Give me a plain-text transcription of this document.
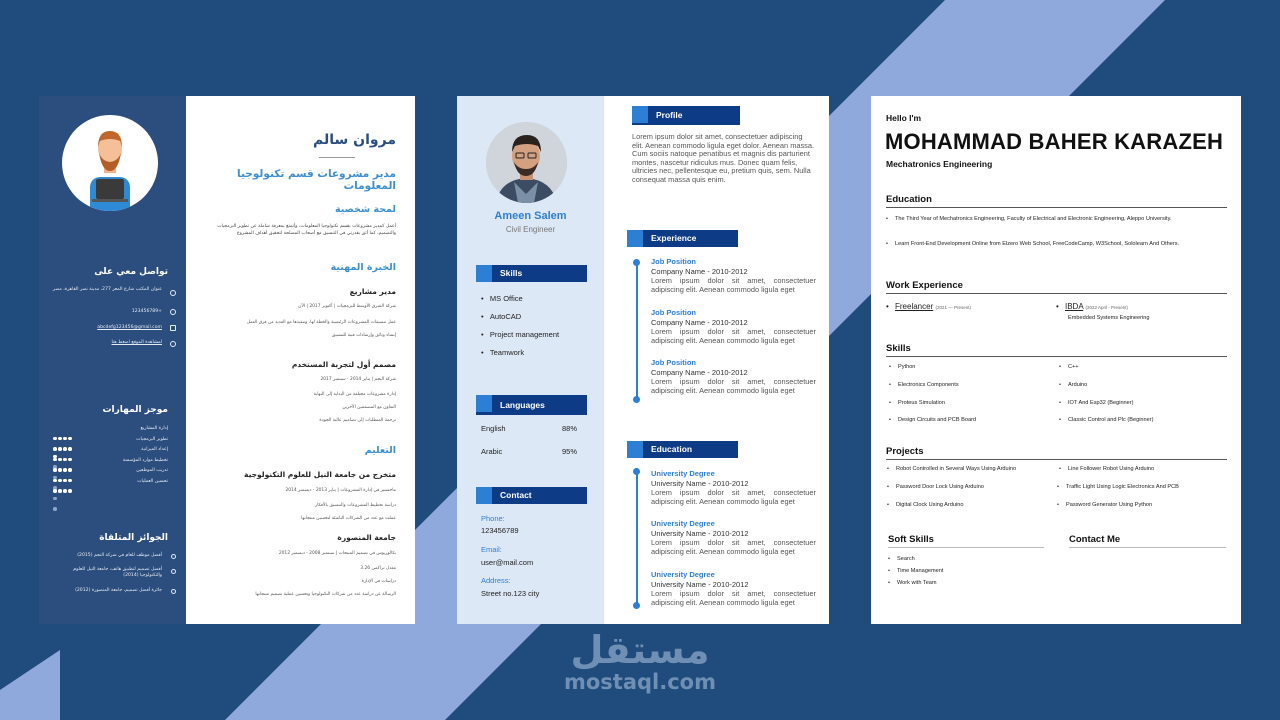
تواصل معي على
عنوان المكتب شارع المعز 277، مدينة نصر القاهرة، مصر
+123456789
abcdefg123456@gmail.com
لمشاهدة الموقع اضغط هنا
موجز المهارات
الجوائز المتلقاة
أفضل موظف للعام في شركة النجم (2015)
أفضل تصميم لتطبيق هاتف، جامعة النيل للعلوم والتكنولوجيا (2014)
جائزة أفضل تصميم، جامعة المنصورة (2012)
إدارة المشاريع
تطوير البرمجيات
إعداد الميزانية
تخطيط موارد المؤسسة
تدريب الموظفين
تحسين العمليات
مروان سالم
مدير مشروعات قسم تكنولوجيا المعلومات
لمحة شخصية
أعمل كمدير مشروعات بقسم تكنولوجيا المعلومات، وأتمتع بمعرفة شاملة عن تطوير البرمجيات والتصميم، كما أثق بقدرتي في التنسيق مع أصحاب المصلحة لتحقيق أهداف المشروع
الخبرة المهنية
مدير مشاريع
شركة الشرق الأوسط للبرمجيات | أكتوبر 2017 | الآن
عمل تنسيقات المشروعات الرئيسية والخطة لها، وتنفيذها مع العديد من فرق العمل
إنشاء وثائق وإرشادات فنية للتنسيق
مصمم أول لتجربة المستخدم
شركة النجم | يناير 2014 - سبتمبر 2017
إدارة مشروعات مختلفة من البداية إلى النهاية
التعاون مع المصممين الآخرين
ترجمة المتطلبات إلى تصاميم عالية الجودة
التعليم
متخرج من جامعة النيل للعلوم التكنولوجية
ماجستير في إدارة المشروعات | يناير 2013 - ديسمبر 2014
دراسة تخطيط المشروعات والتنسيق بالأفكار
عملت مع عدد من الشركات الناشئة لتحسين منتجاتها
جامعة المنصورة
بكالوريوس في تصميم المنتجات | سبتمبر 2008 - ديسمبر 2012
معدل تراكمي 3.26
دراسات في الإدارة
الرسالة عن دراسة عدد من شركات التكنولوجيا وتحسين عملية تصميم منتجاتها
Ameen Salem
Civil Engineer
Skills
•   MS Office
•   AutoCAD
•   Project management
•   Teamwork
Languages
English	88%
Arabic	95%
Contact
Phone:
123456789
Email:
user@mail.com
Address:
Street no.123 city
Profile
Lorem ipsum dolor sit amet, consectetuer adipiscing elit. Aenean commodo ligula eget dolor. Aenean massa. Cum sociis natoque penatibus et magnis dis parturient montes, nascetur ridiculus mus. Donec quam felis, ultricies nec, pellentesque eu, pretium quis, sem. Nulla consequat massa quis enim.
Experience
Job Position
Company Name - 2010-2012
Lorem ipsum dolor sit amet, consectetuer adipiscing elit. Aenean commodo ligula eget
Job Position
Company Name - 2010-2012
Lorem ipsum dolor sit amet, consectetuer adipiscing elit. Aenean commodo ligula eget
Job Position
Company Name - 2010-2012
Lorem ipsum dolor sit amet, consectetuer adipiscing elit. Aenean commodo ligula eget
Education
University Degree
University Name - 2010-2012
Lorem ipsum dolor sit amet, consectetuer adipiscing elit. Aenean commodo ligula eget
University Degree
University Name - 2010-2012
Lorem ipsum dolor sit amet, consectetuer adipiscing elit. Aenean commodo ligula eget
University Degree
University Name - 2010-2012
Lorem ipsum dolor sit amet, consectetuer adipiscing elit. Aenean commodo ligula eget
Hello I'm
MOHAMMAD BAHER KARAZEH
Mechatronics Engineering
Education
• The Third Year of Mechatronics Engineering, Faculty of Electrical and Electronic Engineering, Aleppo University.
• Learn Front-End Development Online from Elzero Web School, FreeCodeCamp, W3School, Sololearn And Others.
Work Experience
• Freelancer (2021 — Present)	• IBDA (2022 April - Present)
Embedded Systems Engineering
Skills
• Python	• C++
• Electronics Components	• Arduino
• Proteus Simulation	• IOT And Esp32 (Beginner)
• Design Circuits and PCB Board	• Classic Control and Plc (Beginner)
Projects
• Robot Controlled in Several Ways Using Arduino	• Line Follower Robot Using Arduino
• Password Door Lock Using Arduino	• Traffic Light Using Logic Electronics And PCB
• Digital Clock Using Arduino	• Password Generator Using Python
Soft Skills	Contact Me
• Search
• Time Management
• Work with Team
مستقل
mostaql.com
